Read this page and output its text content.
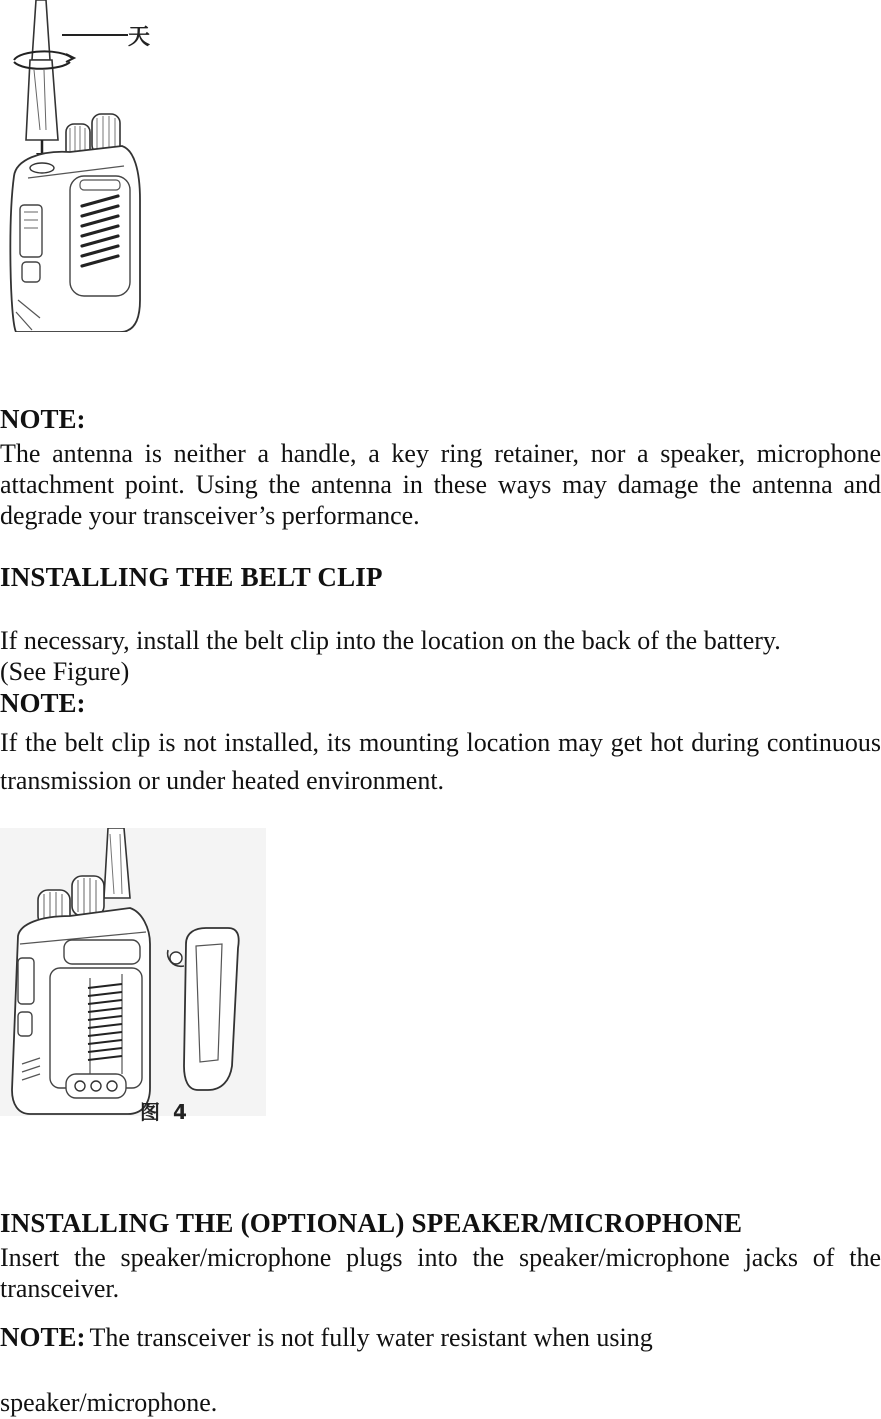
天
NOTE:

The antenna is neither a handle, a key ring retainer, nor a speaker, microphone attachment point. Using the antenna in these ways may damage the antenna and degrade your transceiver’s performance.

INSTALLING THE BELT CLIP
If necessary, install the belt clip into the location on the back of the battery.
(See Figure)
NOTE:

If the belt clip is not installed, its mounting location may get hot during continuous transmission or under heated environment.

图 4
INSTALLING THE (OPTIONAL) SPEAKER/MICROPHONE

Insert the speaker/microphone plugs into the speaker/microphone jacks of the transceiver.

NOTE: The transceiver is not fully water resistant when using
speaker/microphone.
